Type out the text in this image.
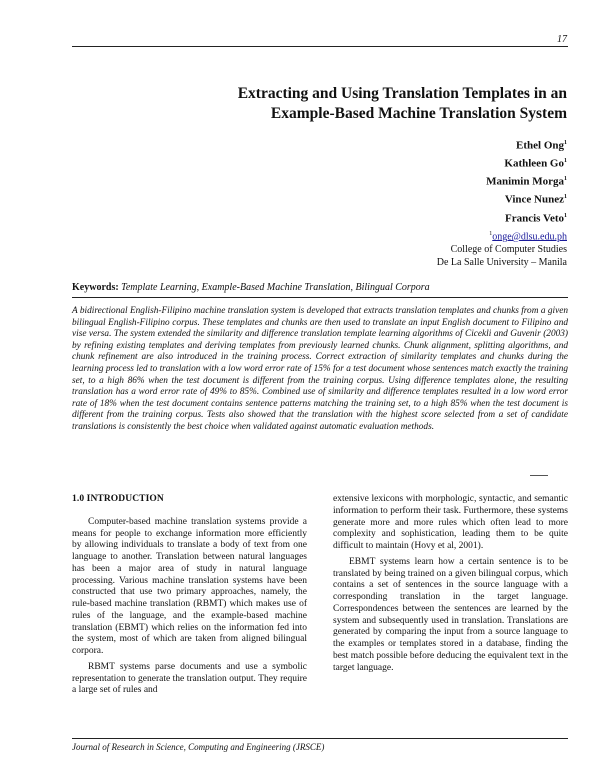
17
Extracting and Using Translation Templates in an
Example-Based Machine Translation System
Ethel Ong$^1$
Kathleen Go$^1$
Manimin Morga$^1$
Vince Nunez$^1$
Francis Veto$^1$
$^1$onge@dlsu.edu.ph
College of Computer Studies
De La Salle University – Manila
Keywords: Template Learning, Example-Based Machine Translation, Bilingual Corpora

A bidirectional English-Filipino machine translation system is developed that extracts translation templates and chunks from a given bilingual English-Filipino corpus. These templates and chunks are then used to translate an input English document to Filipino and vise versa. The system extended the similarity and difference translation template learning algorithms of Cicekli and Guvenir (2003) by refining existing templates and deriving templates from previously learned chunks. Chunk alignment, splitting algorithms, and chunk refinement are also introduced in the training process. Correct extraction of similarity templates and chunks during the learning process led to translation with a low word error rate of 15% for a test document whose sentences match exactly the training set, to a high 86% when the test document is different from the training corpus. Using difference templates alone, the resulting translation has a word error rate of 49% to 85%. Combined use of similarity and difference templates resulted in a low word error rate of 18% when the test document contains sentence patterns matching the training set, to a high 85% when the test document is different from the training corpus. Tests also showed that the translation with the highest score selected from a set of candidate translations is consistently the best choice when validated against automatic evaluation methods.

1.0 INTRODUCTION

Computer-based machine translation systems provide a means for people to exchange information more efficiently by allowing individuals to translate a body of text from one language to another. Translation between natural languages has been a major area of study in natural language processing. Various machine translation systems have been constructed that use two primary approaches, namely, the rule-based machine translation (RBMT) which makes use of rules of the language, and the example-based machine translation (EBMT) which relies on the information fed into the system, most of which are taken from aligned bilingual corpora.

RBMT systems parse documents and use a symbolic representation to generate the translation output. They require a large set of rules and

extensive lexicons with morphologic, syntactic, and semantic information to perform their task. Furthermore, these systems generate more and more rules which often lead to more complexity and sophistication, leading them to be quite difficult to maintain (Hovy et al, 2001).

EBMT systems learn how a certain sentence is to be translated by being trained on a given bilingual corpus, which contains a set of sentences in the source language with a corresponding translation in the target language. Correspondences between the sentences are learned by the system and subsequently used in translation. Translations are generated by comparing the input from a source language to the examples or templates stored in a database, finding the best match possible before deducing the equivalent text in the target language.

Journal of Research in Science, Computing and Engineering (JRSCE)
